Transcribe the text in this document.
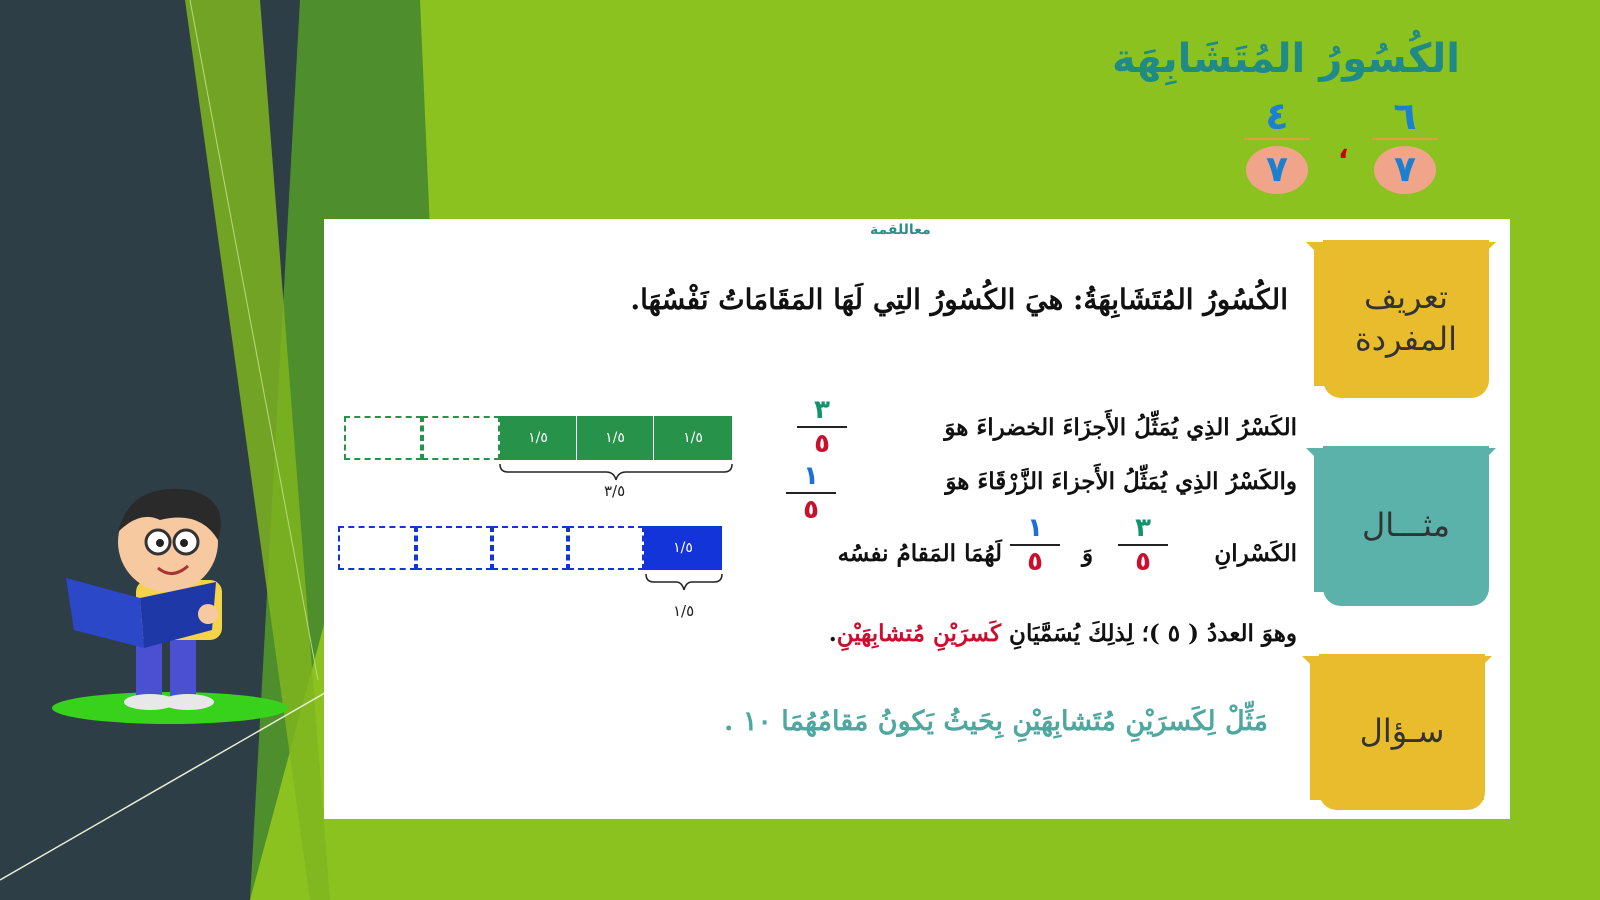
الكُسُورُ المُتَشَابِهَة
٦
٧
،
٤
٧
معاللقمة
الكُسُورُ المُتَشَابِهَةُ: هيَ الكُسُورُ التِي لَهَا المَقَامَاتُ نَفْسُهَا.
الكَسْرُ الذِي يُمَثِّلُ الأَجزَاءَ الخضراءَ هوَ
٣
٥
والكَسْرُ الذِي يُمَثِّلُ الأَجزاءَ الزَّرْقَاءَ هوَ
١
٥
الكَسْرانِ
٣
٥
وَ
١
٥
لَهُمَا المَقامُ نفسُه
وهوَ العددُ ( ٥ )؛ لِذلِكَ يُسَمَّيَانِ كَسرَيْنِ مُتشابِهَيْنِ.
مَثِّلْ لِكَسرَيْنِ مُتَشابِهَيْنِ بِحَيثُ يَكونُ مَقامُهُمَا ١٠ .
١/٥	١/٥	١/٥
٣/٥
١/٥
١/٥
تعريف المفردة
مثـــال
سـؤال
